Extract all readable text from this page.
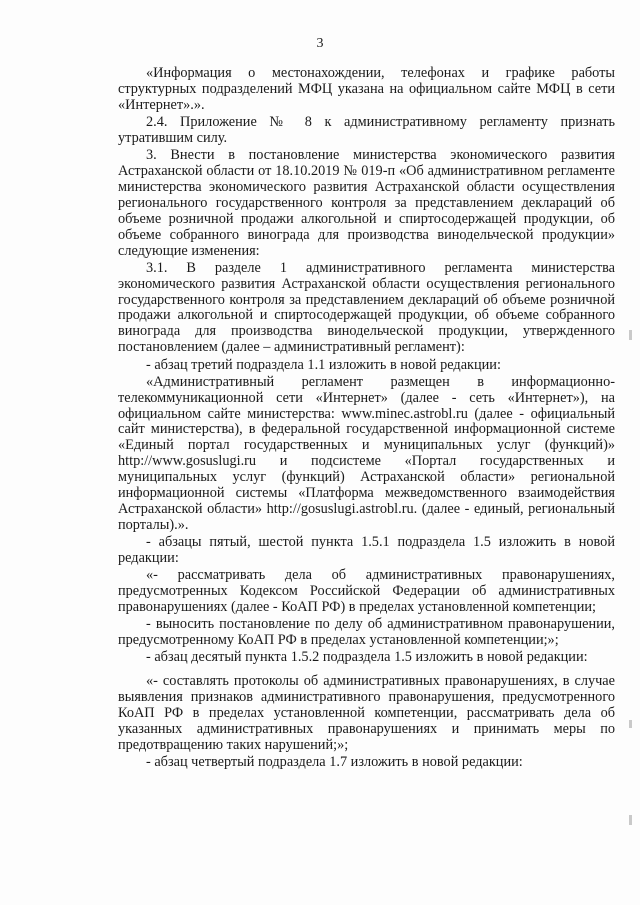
3

«Информация о местонахождении, телефонах и графике работы структурных подразделений МФЦ указана на официальном сайте МФЦ в сети «Интернет».».

2.4. Приложение № 8 к административному регламенту признать утратившим силу.

3. Внести в постановление министерства экономического развития Астраханской области от 18.10.2019 № 019-п «Об административном регламенте министерства экономического развития Астраханской области осуществления регионального государственного контроля за представлением деклараций об объеме розничной продажи алкогольной и спиртосодержащей продукции, об объеме собранного винограда для производства винодельческой продукции» следующие изменения:

3.1. В разделе 1 административного регламента министерства экономического развития Астраханской области осуществления регионального государственного контроля за представлением деклараций об объеме розничной продажи алкогольной и спиртосодержащей продукции, об объеме собранного винограда для производства винодельческой продукции, утвержденного постановлением (далее – административный регламент):

- абзац третий подраздела 1.1 изложить в новой редакции:

«Административный регламент размещен в информационно-телекоммуникационной сети «Интернет» (далее - сеть «Интернет»), на официальном сайте министерства: www.minec.astrobl.ru (далее - официальный сайт министерства), в федеральной государственной информационной системе «Единый портал государственных и муниципальных услуг (функций)» http://www.gosuslugi.ru и подсистеме «Портал государственных и муниципальных услуг (функций) Астраханской области» региональной информационной системы «Платформа межведомственного взаимодействия Астраханской области» http://gosuslugi.astrobl.ru. (далее - единый, региональный порталы).».

- абзацы пятый, шестой пункта 1.5.1 подраздела 1.5 изложить в новой редакции:

«- рассматривать дела об административных правонарушениях, предусмотренных Кодексом Российской Федерации об административных правонарушениях (далее - КоАП РФ) в пределах установленной компетенции;

- выносить постановление по делу об административном правонарушении, предусмотренному КоАП РФ в пределах установленной компетенции;»;

- абзац десятый пункта 1.5.2 подраздела 1.5 изложить в новой редакции:

«- составлять протоколы об административных правонарушениях, в случае выявления признаков административного правонарушения, предусмотренного КоАП РФ в пределах установленной компетенции, рассматривать дела об указанных административных правонарушениях и принимать меры по предотвращению таких нарушений;»;

- абзац четвертый подраздела 1.7 изложить в новой редакции:
